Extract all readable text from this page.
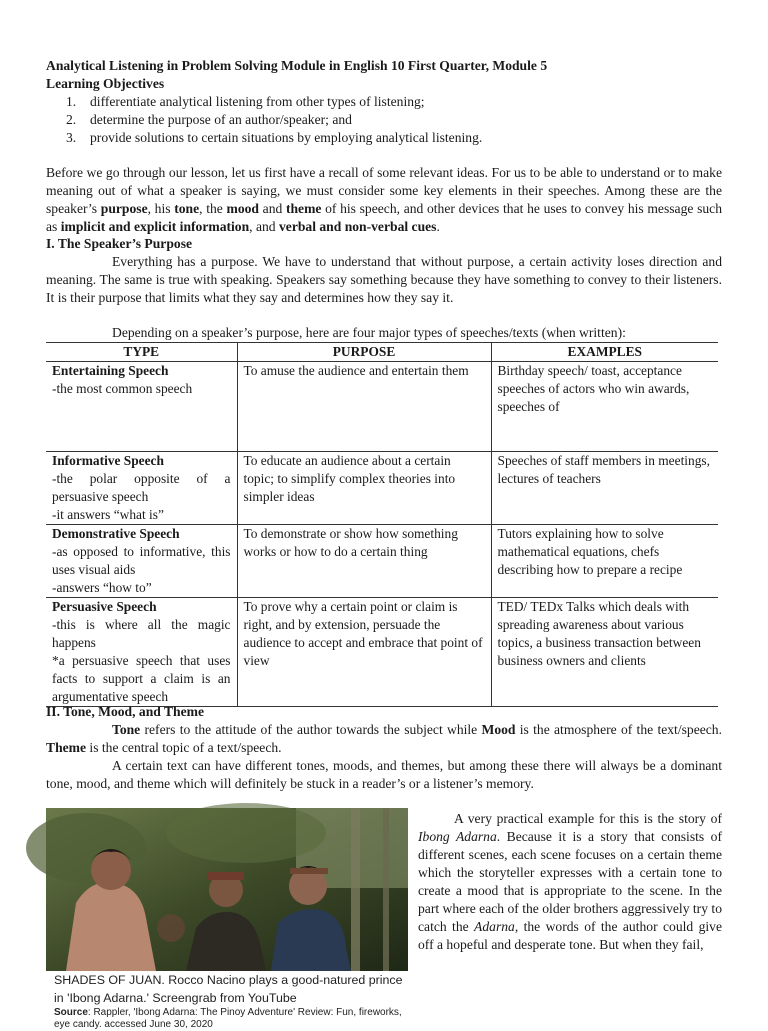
Analytical Listening in Problem Solving Module in English 10 First Quarter, Module 5
Learning Objectives
1. differentiate analytical listening from other types of listening;
2. determine the purpose of an author/speaker; and
3. provide solutions to certain situations by employing analytical listening.

Before we go through our lesson, let us first have a recall of some relevant ideas. For us to be able to understand or to make meaning out of what a speaker is saying, we must consider some key elements in their speeches. Among these are the speaker’s purpose, his tone, the mood and theme of his speech, and other devices that he uses to convey his message such as implicit and explicit information, and verbal and non-verbal cues.

I. The Speaker’s Purpose

Everything has a purpose. We have to understand that without purpose, a certain activity loses direction and meaning. The same is true with speaking. Speakers say something because they have something to convey to their listeners. It is their purpose that limits what they say and determines how they say it.

Depending on a speaker’s purpose, here are four major types of speeches/texts (when written):
TYPE	PURPOSE	EXAMPLES

Entertaining Speech
-the most common speech	To amuse the audience and entertain them	Birthday speech/ toast, acceptance speeches of actors who win awards, speeches of

Informative Speech
-the polar opposite of a persuasive speech
-it answers “what is”	To educate an audience about a certain topic; to simplify complex theories into simpler ideas	Speeches of staff members in meetings, lectures of teachers

Demonstrative Speech
-as opposed to informative, this uses visual aids
-answers “how to”	To demonstrate or show how something works or how to do a certain thing	Tutors explaining how to solve mathematical equations, chefs describing how to prepare a recipe

Persuasive Speech
-this is where all the magic happens
*a persuasive speech that uses facts to support a claim is an argumentative speech	To prove why a certain point or claim is right, and by extension, persuade the audience to accept and embrace that point of view	TED/ TEDx Talks which deals with spreading awareness about various topics, a business transaction between business owners and clients
II. Tone, Mood, and Theme

Tone refers to the attitude of the author towards the subject while Mood is the atmosphere of the text/speech. Theme is the central topic of a text/speech.

A certain text can have different tones, moods, and themes, but among these there will always be a dominant tone, mood, and theme which will definitely be stuck in a reader’s or a listener’s memory.

SHADES OF JUAN. Rocco Nacino plays a good-natured prince in 'Ibong Adarna.' Screengrab from YouTube
Source: Rappler, 'Ibong Adarna: The Pinoy Adventure' Review: Fun, fireworks, eye candy. accessed June 30, 2020

A very practical example for this is the story of Ibong Adarna. Because it is a story that consists of different scenes, each scene focuses on a certain theme which the storyteller expresses with a certain tone to create a mood that is appropriate to the scene. In the part where each of the older brothers aggressively try to catch the Adarna, the words of the author could give off a hopeful and desperate tone. But when they fail,
